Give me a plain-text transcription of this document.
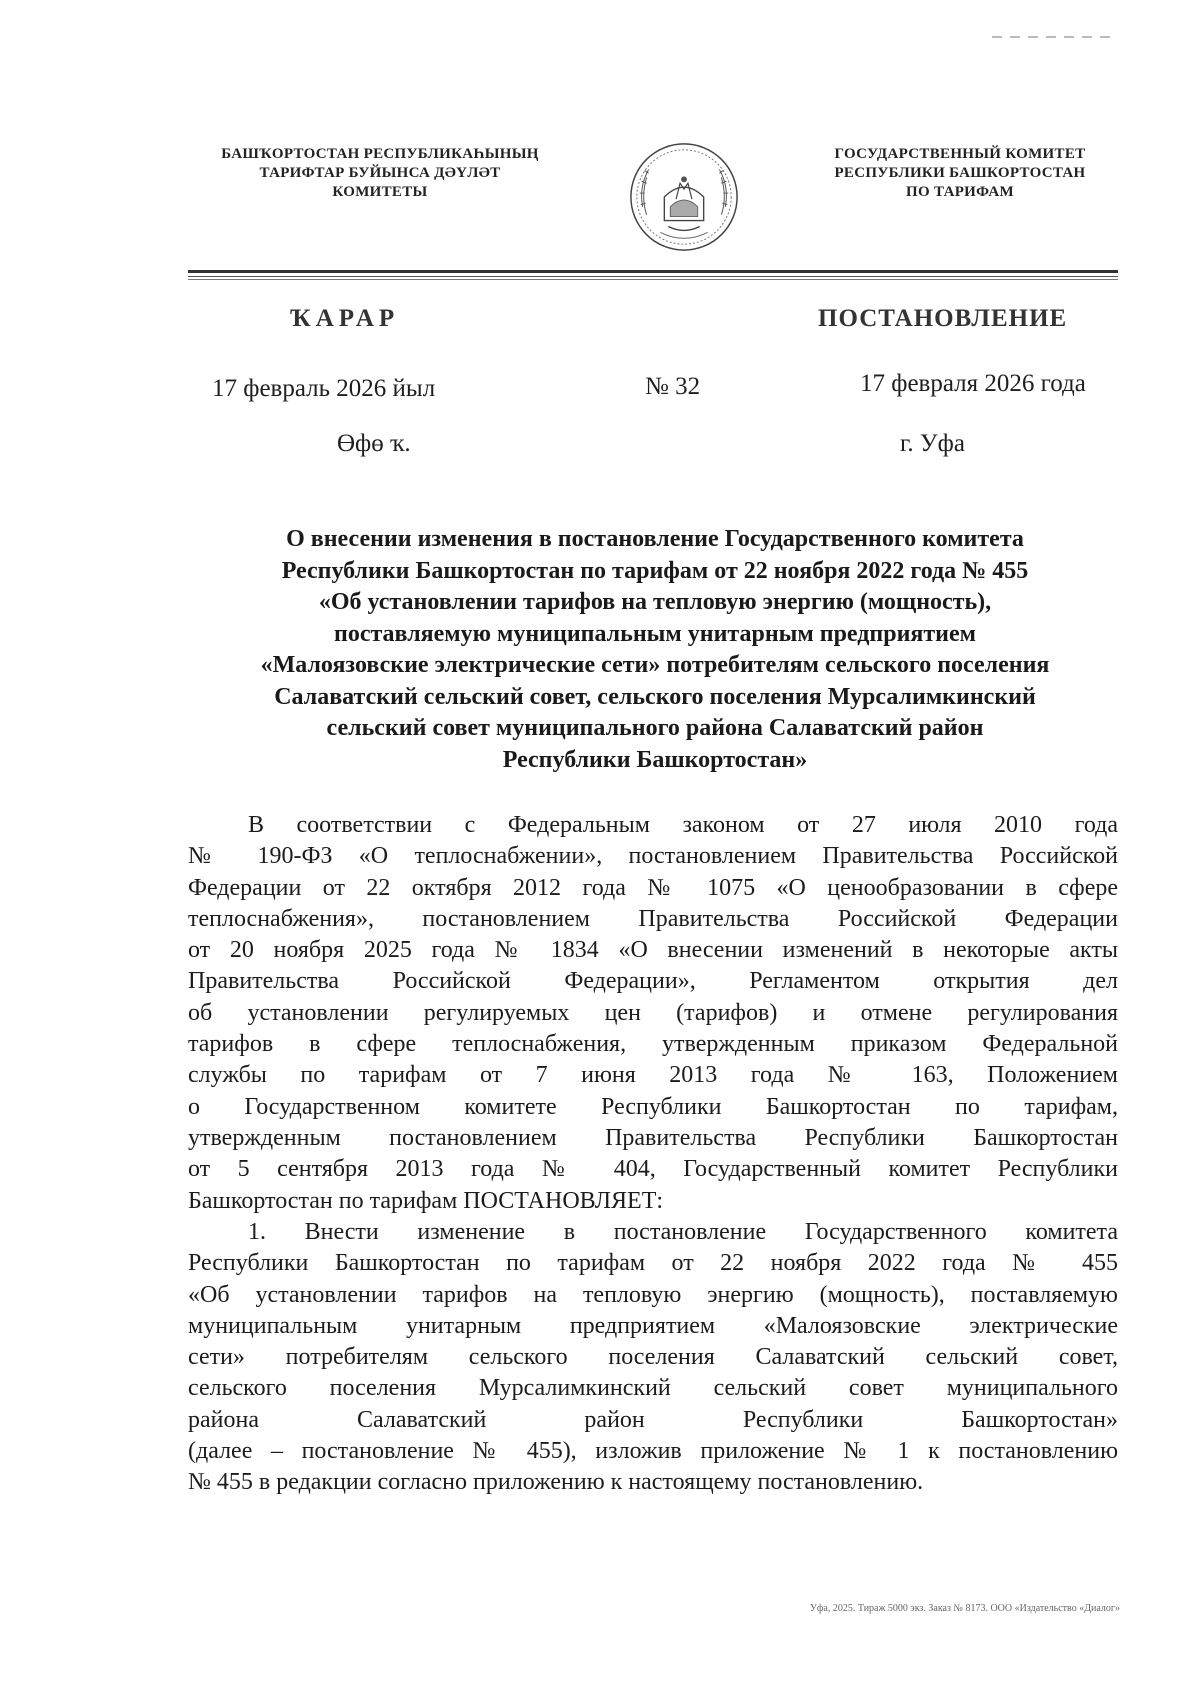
БАШҠОРТОСТАН РЕСПУБЛИКАҺЫНЫҢ
ТАРИФТАР БУЙЫНСА ДӘҮЛӘТ
КОМИТЕТЫ
ГОСУДАРСТВЕННЫЙ КОМИТЕТ
РЕСПУБЛИКИ БАШКОРТОСТАН
ПО ТАРИФАМ
ҠАРАР	ПОСТАНОВЛЕНИЕ
17 февраль 2026 йыл	№ 32	17 февраля 2026 года
Өфө ҡ.	г. Уфа
О внесении изменения в постановление Государственного комитета
Республики Башкортостан по тарифам от 22 ноября 2022 года № 455
«Об установлении тарифов на тепловую энергию (мощность),
поставляемую муниципальным унитарным предприятием
«Малоязовские электрические сети» потребителям сельского поселения
Салаватский сельский совет, сельского поселения Мурсалимкинский
сельский совет муниципального района Салаватский район
Республики Башкортостан»
В соответствии с Федеральным законом от 27 июля 2010 года
№ 190-ФЗ «О теплоснабжении», постановлением Правительства Российской
Федерации от 22 октября 2012 года № 1075 «О ценообразовании в сфере
теплоснабжения», постановлением Правительства Российской Федерации
от 20 ноября 2025 года № 1834 «О внесении изменений в некоторые акты
Правительства Российской Федерации», Регламентом открытия дел
об установлении регулируемых цен (тарифов) и отмене регулирования
тарифов в сфере теплоснабжения, утвержденным приказом Федеральной
службы по тарифам от 7 июня 2013 года № 163, Положением
о Государственном комитете Республики Башкортостан по тарифам,
утвержденным постановлением Правительства Республики Башкортостан
от 5 сентября 2013 года № 404, Государственный комитет Республики
Башкортостан по тарифам ПОСТАНОВЛЯЕТ:
1. Внести изменение в постановление Государственного комитета
Республики Башкортостан по тарифам от 22 ноября 2022 года № 455
«Об установлении тарифов на тепловую энергию (мощность), поставляемую
муниципальным унитарным предприятием «Малоязовские электрические
сети» потребителям сельского поселения Салаватский сельский совет,
сельского поселения Мурсалимкинский сельский совет муниципального
района Салаватский район Республики Башкортостан»
(далее – постановление № 455), изложив приложение № 1 к постановлению
№ 455 в редакции согласно приложению к настоящему постановлению.
Уфа, 2025. Тираж 5000 экз. Заказ № 8173. ООО «Издательство «Диалог»
